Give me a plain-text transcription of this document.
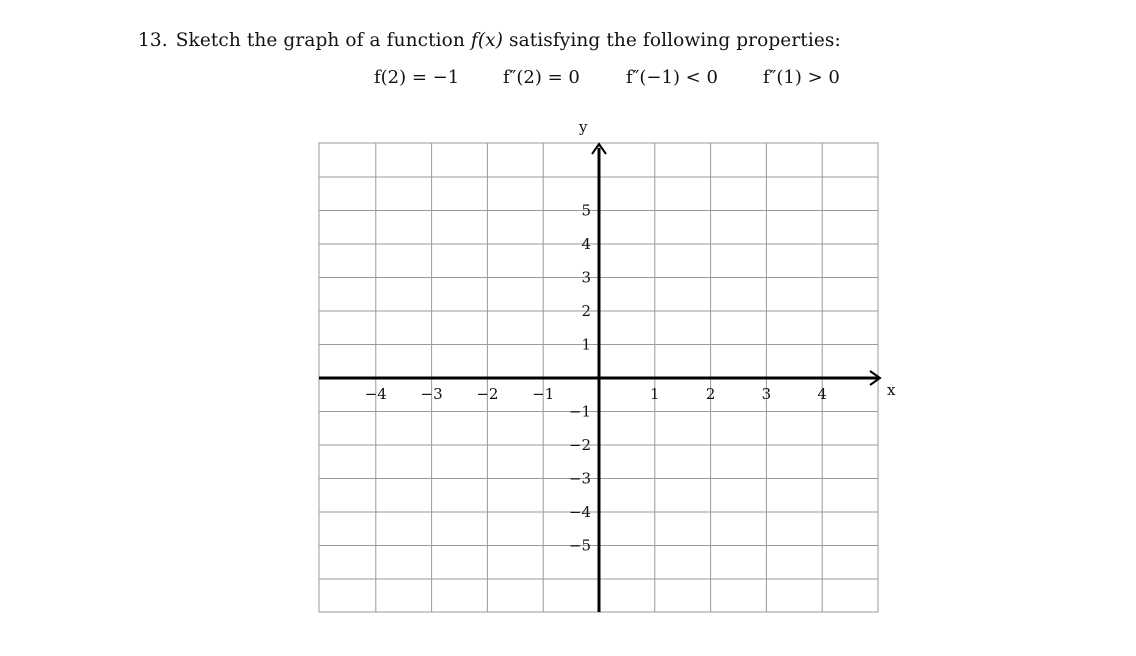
13. Sketch the graph of a function f(x) satisfying the following properties:
f(2) = −1 f″(2) = 0	f″(−1) < 0	f″(1) > 0
−4 −3 −2 −1	1	2	3	4
5
4
3
2
1
−1
−2
−3
−4
−5
x
y
